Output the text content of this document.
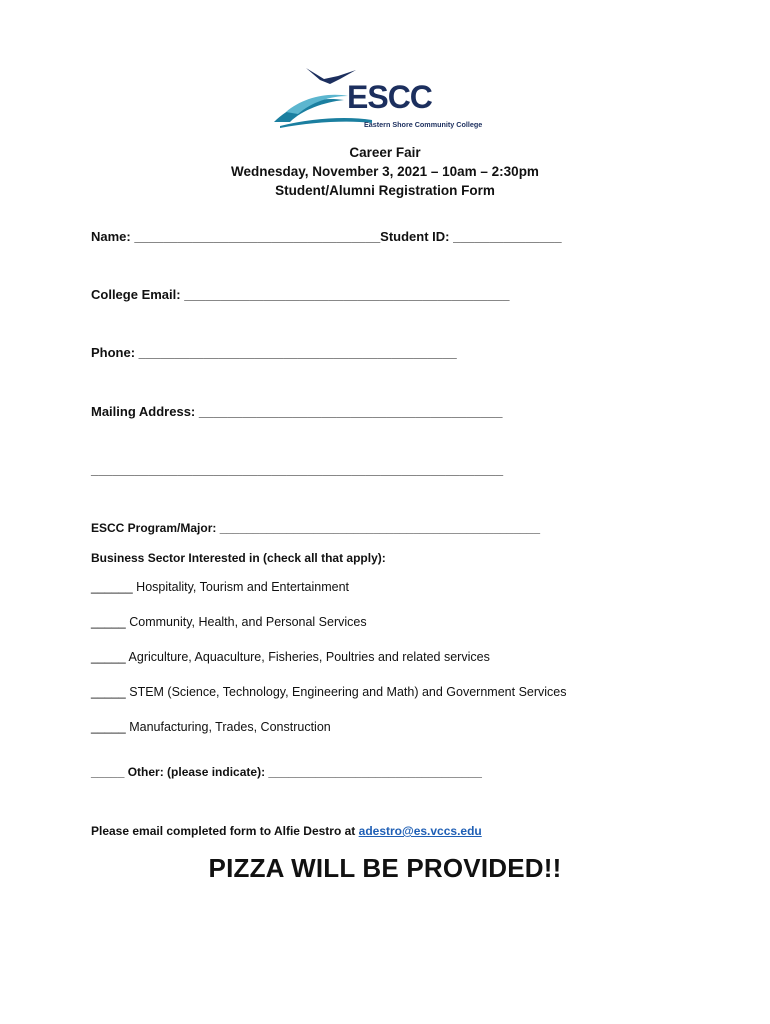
ESCC
Eastern Shore Community College
Career Fair
Wednesday, November 3, 2021 – 10am – 2:30pm
Student/Alumni Registration Form
Name: __________________________________Student ID: _______________
College Email: _____________________________________________
Phone: ____________________________________________
Mailing Address: __________________________________________
_________________________________________________________
ESCC Program/Major: ________________________________________________
Business Sector Interested in (check all that apply):
______ Hospitality, Tourism and Entertainment
_____ Community, Health, and Personal Services
_____ Agriculture, Aquaculture, Fisheries, Poultries and related services
_____ STEM (Science, Technology, Engineering and Math) and Government Services
_____ Manufacturing, Trades, Construction
_____ Other: (please indicate): ________________________________
Please email completed form to Alfie Destro at adestro@es.vccs.edu
PIZZA WILL BE PROVIDED!!
